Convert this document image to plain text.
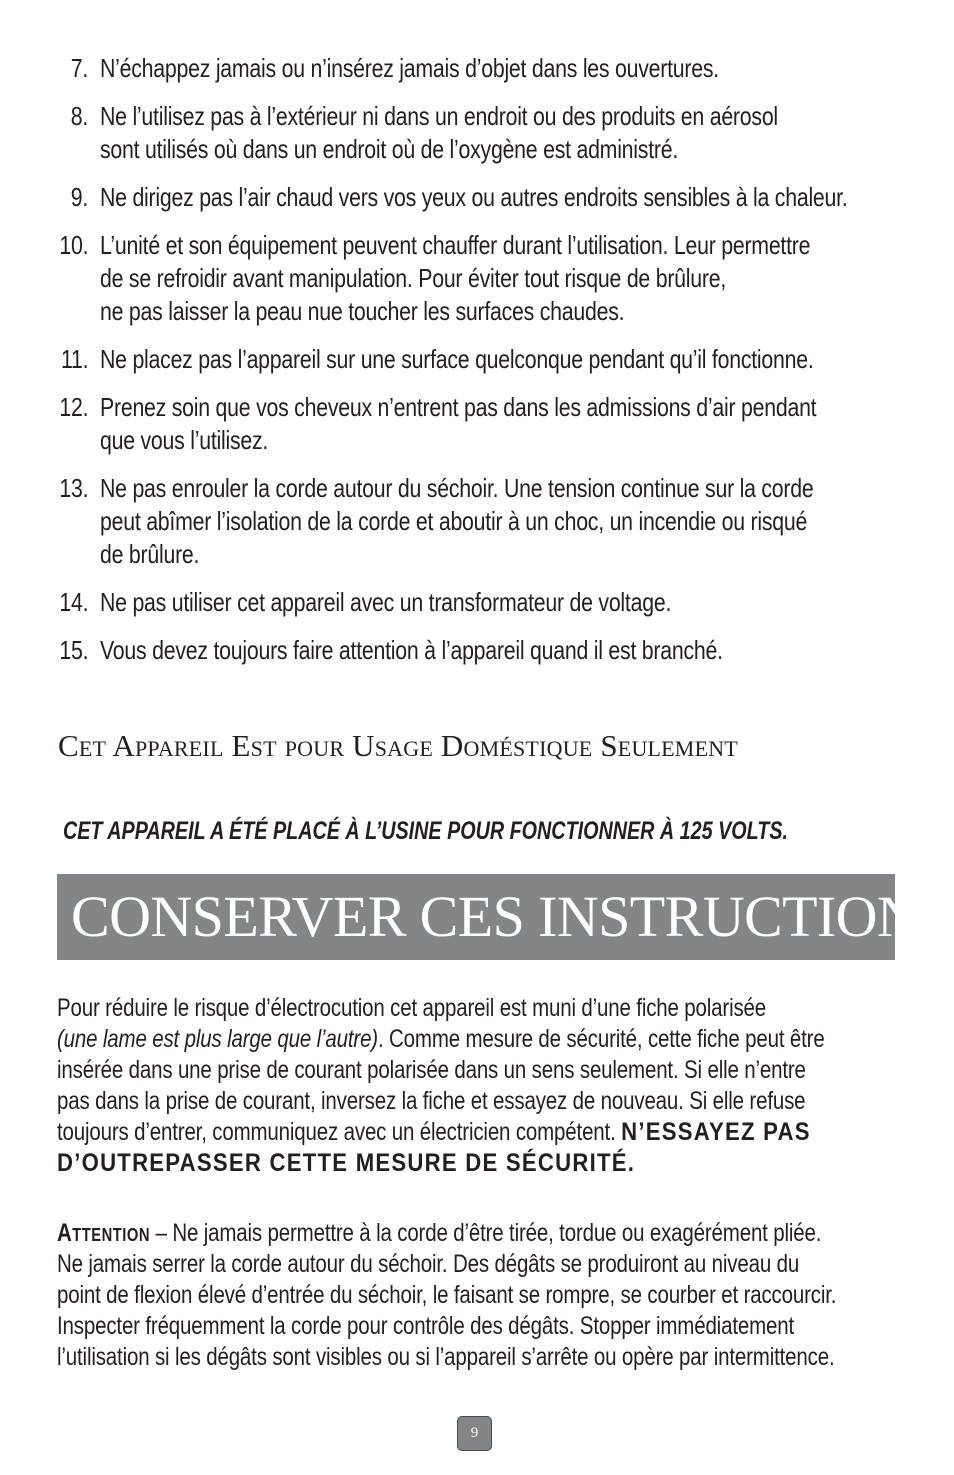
7. N’échappez jamais ou n’insérez jamais d’objet dans les ouvertures.
8. Ne l’utilisez pas à l’extérieur ni dans un endroit ou des produits en aérosol
sont utilisés où dans un endroit où de l’oxygène est administré.
9. Ne dirigez pas l’air chaud vers vos yeux ou autres endroits sensibles à la chaleur.
10. L’unité et son équipement peuvent chauffer durant l’utilisation. Leur permettre
de se refroidir avant manipulation. Pour éviter tout risque de brûlure,
ne pas laisser la peau nue toucher les surfaces chaudes.
11. Ne placez pas l’appareil sur une surface quelconque pendant qu’il fonctionne.
12. Prenez soin que vos cheveux n’entrent pas dans les admissions d’air pendant
que vous l’utilisez.
13. Ne pas enrouler la corde autour du séchoir. Une tension continue sur la corde
peut abîmer l’isolation de la corde et aboutir à un choc, un incendie ou risqué
de brûlure.
14. Ne pas utiliser cet appareil avec un transformateur de voltage.
15. Vous devez toujours faire attention à l’appareil quand il est branché.
Cet Appareil Est pour Usage Doméstique Seulement
CET APPAREIL A ÉTÉ PLACÉ À L’USINE POUR FONCTIONNER À 125 VOLTS.
CONSERVER CES INSTRUCTIONS
Pour réduire le risque d’électrocution cet appareil est muni d’une fiche polarisée
(une lame est plus large que l’autre). Comme mesure de sécurité, cette fiche peut être
insérée dans une prise de courant polarisée dans un sens seulement. Si elle n’entre
pas dans la prise de courant, inversez la fiche et essayez de nouveau. Si elle refuse
toujours d’entrer, communiquez avec un électricien compétent. N’ESSAYEZ PAS
D’OUTREPASSER CETTE MESURE DE SÉCURITÉ.
Attention – Ne jamais permettre à la corde d’être tirée, tordue ou exagérément pliée.
Ne jamais serrer la corde autour du séchoir. Des dégâts se produiront au niveau du
point de flexion élevé d’entrée du séchoir, le faisant se rompre, se courber et raccourcir.
Inspecter fréquemment la corde pour contrôle des dégâts. Stopper immédiatement
l’utilisation si les dégâts sont visibles ou si l’appareil s’arrête ou opère par intermittence.
9
